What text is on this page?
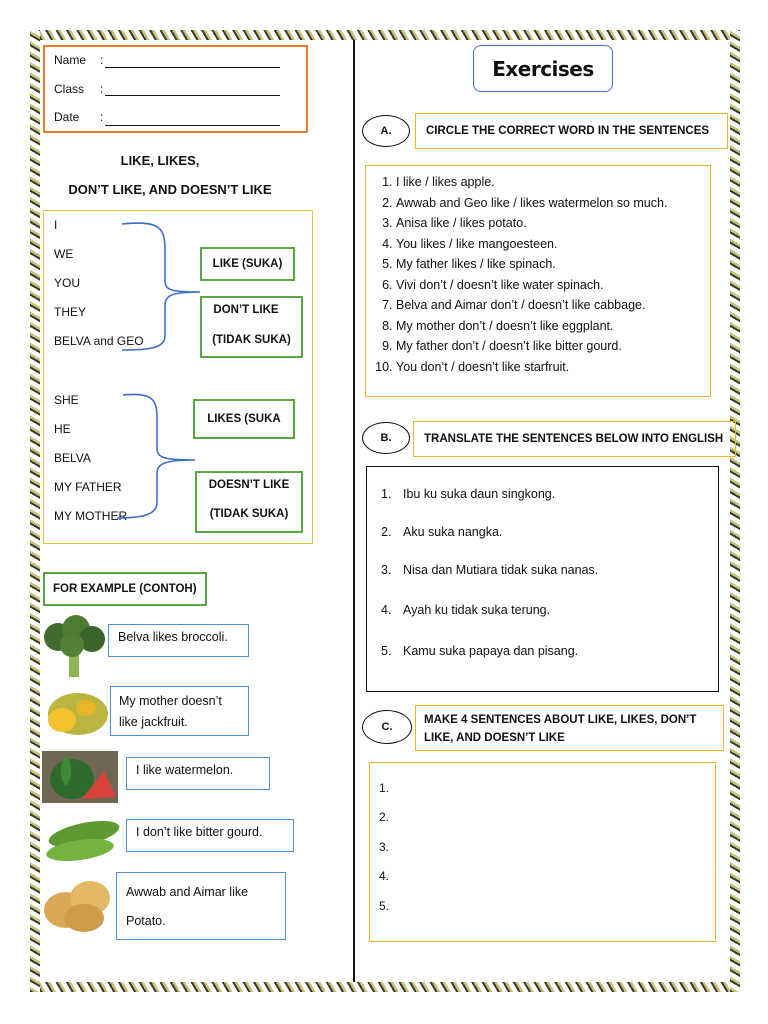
Name :
Class :
Date :
LIKE, LIKES,
DON’T LIKE, AND DOESN’T LIKE
I
WE
YOU
THEY
BELVA and GEO
LIKE (SUKA)
DON’T LIKE
(TIDAK SUKA)
SHE
HE
BELVA
MY FATHER
MY MOTHER
LIKES (SUKA
DOESN’T LIKE
(TIDAK SUKA)
FOR EXAMPLE (CONTOH)
Belva likes broccoli.
My mother doesn’t
like jackfruit.
I like watermelon.
I don’t like bitter gourd.
Awwab and Aimar like
Potato.
Exercises
A.	CIRCLE THE CORRECT WORD IN THE SENTENCES
1. I like / likes apple.
2. Awwab and Geo like / likes watermelon so much.
3. Anisa like / likes potato.
4. You likes / like mangoesteen.
5. My father likes / like spinach.
6. Vivi don’t / doesn’t like water spinach.
7. Belva and Aimar don’t / doesn’t like cabbage.
8. My mother don’t / doesn’t like eggplant.
9. My father don’t / doesn’t like bitter gourd.
10. You don’t / doesn’t like starfruit.
B.	TRANSLATE THE SENTENCES BELOW INTO ENGLISH
1. Ibu ku suka daun singkong.
2. Aku suka nangka.
3. Nisa dan Mutiara tidak suka nanas.
4. Ayah ku tidak suka terung.
5. Kamu suka papaya dan pisang.
C.
MAKE 4 SENTENCES ABOUT LIKE, LIKES, DON’T
LIKE, AND DOESN’T LIKE
1.
2.
3.
4.
5.
